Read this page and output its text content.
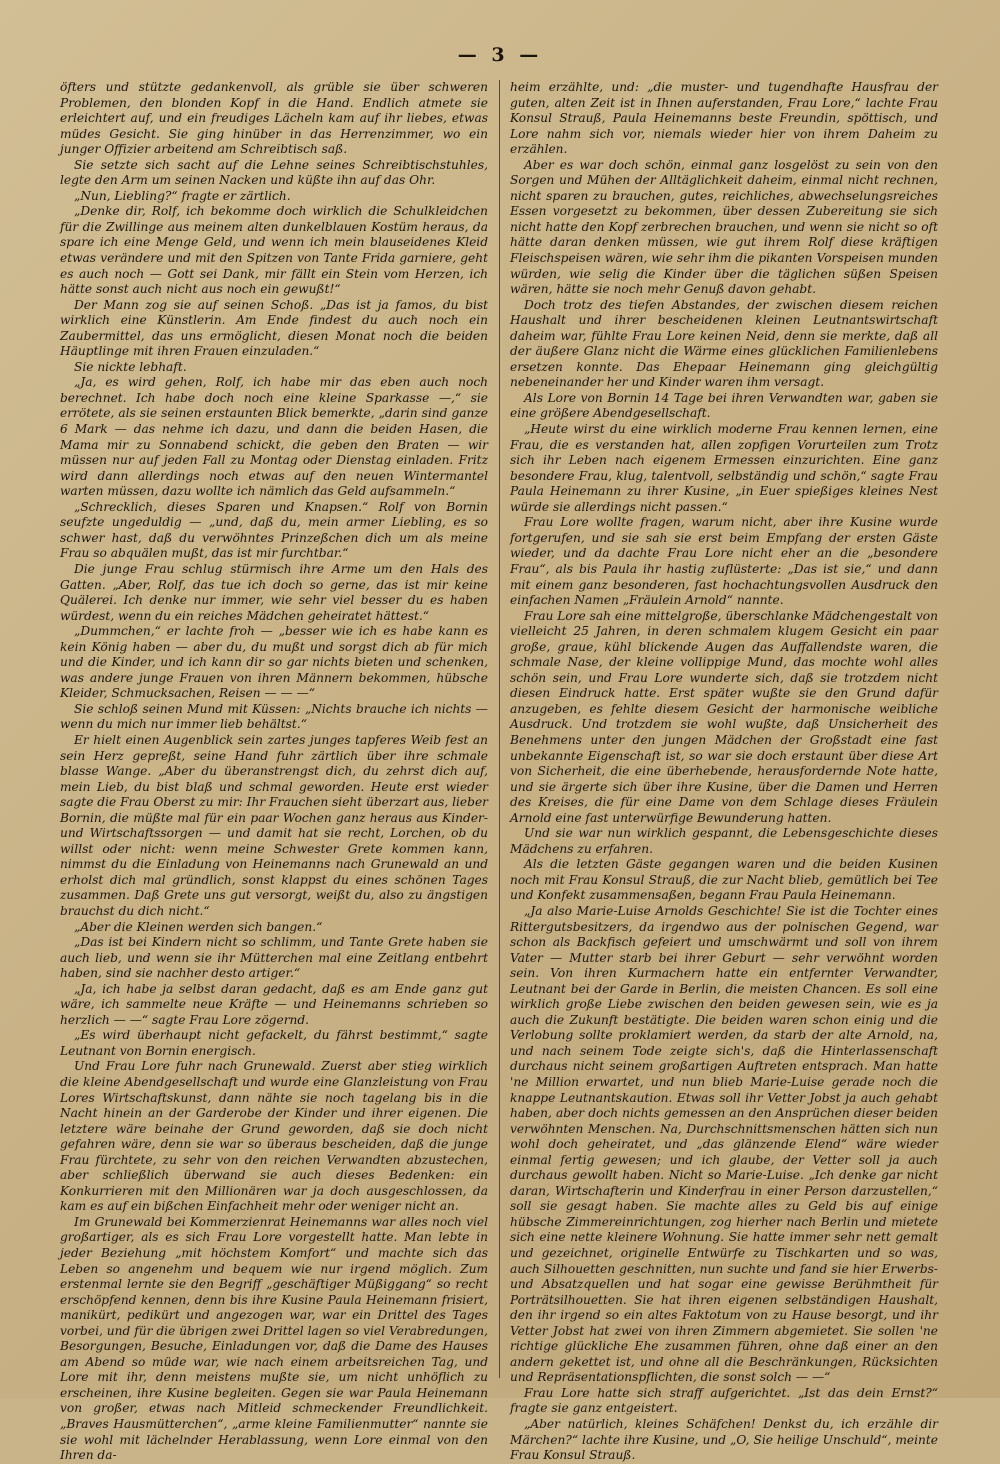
— 3 —

öfters und stützte gedankenvoll, als grüble sie über schweren Problemen, den blonden Kopf in die Hand. Endlich atmete sie erleichtert auf, und ein freudiges Lächeln kam auf ihr liebes, etwas müdes Gesicht. Sie ging hinüber in das Herrenzimmer, wo ein junger Offizier arbeitend am Schreibtisch saß.

Sie setzte sich sacht auf die Lehne seines Schreibtischstuhles, legte den Arm um seinen Nacken und küßte ihn auf das Ohr.

„Nun, Liebling?“ fragte er zärtlich.

„Denke dir, Rolf, ich bekomme doch wirklich die Schulkleidchen für die Zwillinge aus meinem alten dunkelblauen Kostüm heraus, da spare ich eine Menge Geld, und wenn ich mein blauseidenes Kleid etwas verändere und mit den Spitzen von Tante Frida garniere, geht es auch noch — Gott sei Dank, mir fällt ein Stein vom Herzen, ich hätte sonst auch nicht aus noch ein gewußt!“

Der Mann zog sie auf seinen Schoß. „Das ist ja famos, du bist wirklich eine Künstlerin. Am Ende findest du auch noch ein Zaubermittel, das uns ermöglicht, diesen Monat noch die beiden Häuptlinge mit ihren Frauen einzuladen.“

Sie nickte lebhaft.

„Ja, es wird gehen, Rolf, ich habe mir das eben auch noch berechnet. Ich habe doch noch eine kleine Sparkasse —,“ sie errötete, als sie seinen erstaunten Blick bemerkte, „darin sind ganze 6 Mark — das nehme ich dazu, und dann die beiden Hasen, die Mama mir zu Sonnabend schickt, die geben den Braten — wir müssen nur auf jeden Fall zu Montag oder Dienstag einladen. Fritz wird dann allerdings noch etwas auf den neuen Wintermantel warten müssen, dazu wollte ich nämlich das Geld aufsammeln.“

„Schrecklich, dieses Sparen und Knapsen.“ Rolf von Bornin seufzte ungeduldig — „und, daß du, mein armer Liebling, es so schwer hast, daß du verwöhntes Prinzeßchen dich um als meine Frau so abquälen mußt, das ist mir furchtbar.“

Die junge Frau schlug stürmisch ihre Arme um den Hals des Gatten. „Aber, Rolf, das tue ich doch so gerne, das ist mir keine Quälerei. Ich denke nur immer, wie sehr viel besser du es haben würdest, wenn du ein reiches Mädchen geheiratet hättest.“

„Dummchen,“ er lachte froh — „besser wie ich es habe kann es kein König haben — aber du, du mußt und sorgst dich ab für mich und die Kinder, und ich kann dir so gar nichts bieten und schenken, was andere junge Frauen von ihren Männern bekommen, hübsche Kleider, Schmucksachen, Reisen — — —“

Sie schloß seinen Mund mit Küssen: „Nichts brauche ich nichts — wenn du mich nur immer lieb behältst.“

Er hielt einen Augenblick sein zartes junges tapferes Weib fest an sein Herz gepreßt, seine Hand fuhr zärtlich über ihre schmale blasse Wange. „Aber du überanstrengst dich, du zehrst dich auf, mein Lieb, du bist blaß und schmal geworden. Heute erst wieder sagte die Frau Oberst zu mir: Ihr Frauchen sieht überzart aus, lieber Bornin, die müßte mal für ein paar Wochen ganz heraus aus Kinder- und Wirtschaftssorgen — und damit hat sie recht, Lorchen, ob du willst oder nicht: wenn meine Schwester Grete kommen kann, nimmst du die Einladung von Heinemanns nach Grunewald an und erholst dich mal gründlich, sonst klappst du eines schönen Tages zusammen. Daß Grete uns gut versorgt, weißt du, also zu ängstigen brauchst du dich nicht.“

„Aber die Kleinen werden sich bangen.“

„Das ist bei Kindern nicht so schlimm, und Tante Grete haben sie auch lieb, und wenn sie ihr Mütterchen mal eine Zeitlang entbehrt haben, sind sie nachher desto artiger.“

„Ja, ich habe ja selbst daran gedacht, daß es am Ende ganz gut wäre, ich sammelte neue Kräfte — und Heinemanns schrieben so herzlich — —“ sagte Frau Lore zögernd.

„Es wird überhaupt nicht gefackelt, du fährst bestimmt,“ sagte Leutnant von Bornin energisch.

Und Frau Lore fuhr nach Grunewald. Zuerst aber stieg wirklich die kleine Abendgesellschaft und wurde eine Glanzleistung von Frau Lores Wirtschaftskunst, dann nähte sie noch tagelang bis in die Nacht hinein an der Garderobe der Kinder und ihrer eigenen. Die letztere wäre beinahe der Grund geworden, daß sie doch nicht gefahren wäre, denn sie war so überaus bescheiden, daß die junge Frau fürchtete, zu sehr von den reichen Verwandten abzustechen, aber schließlich überwand sie auch dieses Bedenken: ein Konkurrieren mit den Millionären war ja doch ausgeschlossen, da kam es auf ein bißchen Einfachheit mehr oder weniger nicht an.

Im Grunewald bei Kommerzienrat Heinemanns war alles noch viel großartiger, als es sich Frau Lore vorgestellt hatte. Man lebte in jeder Beziehung „mit höchstem Komfort“ und machte sich das Leben so angenehm und bequem wie nur irgend möglich. Zum erstenmal lernte sie den Begriff „geschäftiger Müßiggang“ so recht erschöpfend kennen, denn bis ihre Kusine Paula Heinemann frisiert, manikürt, pedikürt und angezogen war, war ein Drittel des Tages vorbei, und für die übrigen zwei Drittel lagen so viel Verabredungen, Besorgungen, Besuche, Einladungen vor, daß die Dame des Hauses am Abend so müde war, wie nach einem arbeitsreichen Tag, und Lore mit ihr, denn meistens mußte sie, um nicht unhöflich zu erscheinen, ihre Kusine begleiten. Gegen sie war Paula Heinemann von großer, etwas nach Mitleid schmeckender Freundlichkeit. „Braves Hausmütterchen“, „arme kleine Familienmutter“ nannte sie sie wohl mit lächelnder Herablassung, wenn Lore einmal von den Ihren da-

heim erzählte, und: „die muster- und tugendhafte Hausfrau der guten, alten Zeit ist in Ihnen auferstanden, Frau Lore,“ lachte Frau Konsul Strauß, Paula Heinemanns beste Freundin, spöttisch, und Lore nahm sich vor, niemals wieder hier von ihrem Daheim zu erzählen.

Aber es war doch schön, einmal ganz losgelöst zu sein von den Sorgen und Mühen der Alltäglichkeit daheim, einmal nicht rechnen, nicht sparen zu brauchen, gutes, reichliches, abwechselungsreiches Essen vorgesetzt zu bekommen, über dessen Zubereitung sie sich nicht hatte den Kopf zerbrechen brauchen, und wenn sie nicht so oft hätte daran denken müssen, wie gut ihrem Rolf diese kräftigen Fleischspeisen wären, wie sehr ihm die pikanten Vorspeisen munden würden, wie selig die Kinder über die täglichen süßen Speisen wären, hätte sie noch mehr Genuß davon gehabt.

Doch trotz des tiefen Abstandes, der zwischen diesem reichen Haushalt und ihrer bescheidenen kleinen Leutnantswirtschaft daheim war, fühlte Frau Lore keinen Neid, denn sie merkte, daß all der äußere Glanz nicht die Wärme eines glücklichen Familienlebens ersetzen konnte. Das Ehepaar Heinemann ging gleichgültig nebeneinander her und Kinder waren ihm versagt.

Als Lore von Bornin 14 Tage bei ihren Verwandten war, gaben sie eine größere Abendgesellschaft.

„Heute wirst du eine wirklich moderne Frau kennen lernen, eine Frau, die es verstanden hat, allen zopfigen Vorurteilen zum Trotz sich ihr Leben nach eigenem Ermessen einzurichten. Eine ganz besondere Frau, klug, talentvoll, selbständig und schön,“ sagte Frau Paula Heinemann zu ihrer Kusine, „in Euer spießiges kleines Nest würde sie allerdings nicht passen.“

Frau Lore wollte fragen, warum nicht, aber ihre Kusine wurde fortgerufen, und sie sah sie erst beim Empfang der ersten Gäste wieder, und da dachte Frau Lore nicht eher an die „besondere Frau“, als bis Paula ihr hastig zuflüsterte: „Das ist sie,“ und dann mit einem ganz besonderen, fast hochachtungsvollen Ausdruck den einfachen Namen „Fräulein Arnold“ nannte.

Frau Lore sah eine mittelgroße, überschlanke Mädchengestalt von vielleicht 25 Jahren, in deren schmalem klugem Gesicht ein paar große, graue, kühl blickende Augen das Auffallendste waren, die schmale Nase, der kleine vollippige Mund, das mochte wohl alles schön sein, und Frau Lore wunderte sich, daß sie trotzdem nicht diesen Eindruck hatte. Erst später wußte sie den Grund dafür anzugeben, es fehlte diesem Gesicht der harmonische weibliche Ausdruck. Und trotzdem sie wohl wußte, daß Unsicherheit des Benehmens unter den jungen Mädchen der Großstadt eine fast unbekannte Eigenschaft ist, so war sie doch erstaunt über diese Art von Sicherheit, die eine überhebende, herausfordernde Note hatte, und sie ärgerte sich über ihre Kusine, über die Damen und Herren des Kreises, die für eine Dame von dem Schlage dieses Fräulein Arnold eine fast unterwürfige Bewunderung hatten.

Und sie war nun wirklich gespannt, die Lebensgeschichte dieses Mädchens zu erfahren.

Als die letzten Gäste gegangen waren und die beiden Kusinen noch mit Frau Konsul Strauß, die zur Nacht blieb, gemütlich bei Tee und Konfekt zusammensaßen, begann Frau Paula Heinemann.

„Ja also Marie-Luise Arnolds Geschichte! Sie ist die Tochter eines Rittergutsbesitzers, da irgendwo aus der polnischen Gegend, war schon als Backfisch gefeiert und umschwärmt und soll von ihrem Vater — Mutter starb bei ihrer Geburt — sehr verwöhnt worden sein. Von ihren Kurmachern hatte ein entfernter Verwandter, Leutnant bei der Garde in Berlin, die meisten Chancen. Es soll eine wirklich große Liebe zwischen den beiden gewesen sein, wie es ja auch die Zukunft bestätigte. Die beiden waren schon einig und die Verlobung sollte proklamiert werden, da starb der alte Arnold, na, und nach seinem Tode zeigte sich's, daß die Hinterlassenschaft durchaus nicht seinem großartigen Auftreten entsprach. Man hatte 'ne Million erwartet, und nun blieb Marie-Luise gerade noch die knappe Leutnantskaution. Etwas soll ihr Vetter Jobst ja auch gehabt haben, aber doch nichts gemessen an den Ansprüchen dieser beiden verwöhnten Menschen. Na, Durchschnittsmenschen hätten sich nun wohl doch geheiratet, und „das glänzende Elend“ wäre wieder einmal fertig gewesen; und ich glaube, der Vetter soll ja auch durchaus gewollt haben. Nicht so Marie-Luise. „Ich denke gar nicht daran, Wirtschafterin und Kinderfrau in einer Person darzustellen,“ soll sie gesagt haben. Sie machte alles zu Geld bis auf einige hübsche Zimmereinrichtungen, zog hierher nach Berlin und mietete sich eine nette kleinere Wohnung. Sie hatte immer sehr nett gemalt und gezeichnet, originelle Entwürfe zu Tischkarten und so was, auch Silhouetten geschnitten, nun suchte und fand sie hier Erwerbs- und Absatzquellen und hat sogar eine gewisse Berühmtheit für Porträtsilhouetten. Sie hat ihren eigenen selbständigen Haushalt, den ihr irgend so ein altes Faktotum von zu Hause besorgt, und ihr Vetter Jobst hat zwei von ihren Zimmern abgemietet. Sie sollen 'ne richtige glückliche Ehe zusammen führen, ohne daß einer an den andern gekettet ist, und ohne all die Beschränkungen, Rücksichten und Repräsentationspflichten, die sonst solch — —“

Frau Lore hatte sich straff aufgerichtet. „Ist das dein Ernst?“ fragte sie ganz entgeistert.

„Aber natürlich, kleines Schäfchen! Denkst du, ich erzähle dir Märchen?“ lachte ihre Kusine, und „O, Sie heilige Unschuld“, meinte Frau Konsul Strauß.
